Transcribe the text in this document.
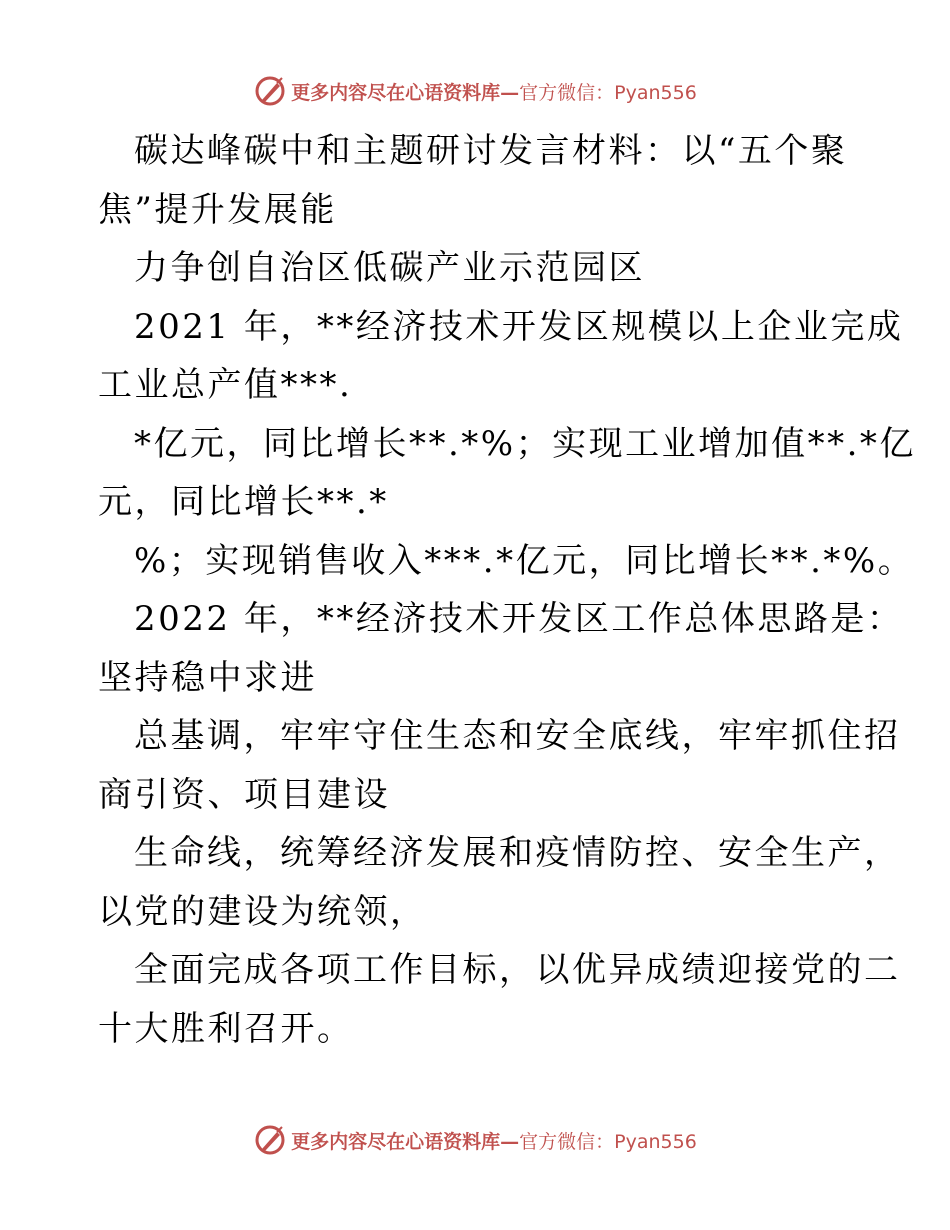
更多内容尽在心语资料库—官方微信：Pyan556
碳达峰碳中和主题研讨发言材料：以“五个聚
焦”提升发展能
力争创自治区低碳产业示范园区
2021 年，**经济技术开发区规模以上企业完成
工业总产值***.
*亿元，同比增长**.*%；实现工业增加值**.*亿
元，同比增长**.*
%；实现销售收入***.*亿元，同比增长**.*%。
2022 年，**经济技术开发区工作总体思路是：
坚持稳中求进
总基调，牢牢守住生态和安全底线，牢牢抓住招
商引资、项目建设
生命线，统筹经济发展和疫情防控、安全生产，
以党的建设为统领，
全面完成各项工作目标，以优异成绩迎接党的二
十大胜利召开。
更多内容尽在心语资料库—官方微信：Pyan556
